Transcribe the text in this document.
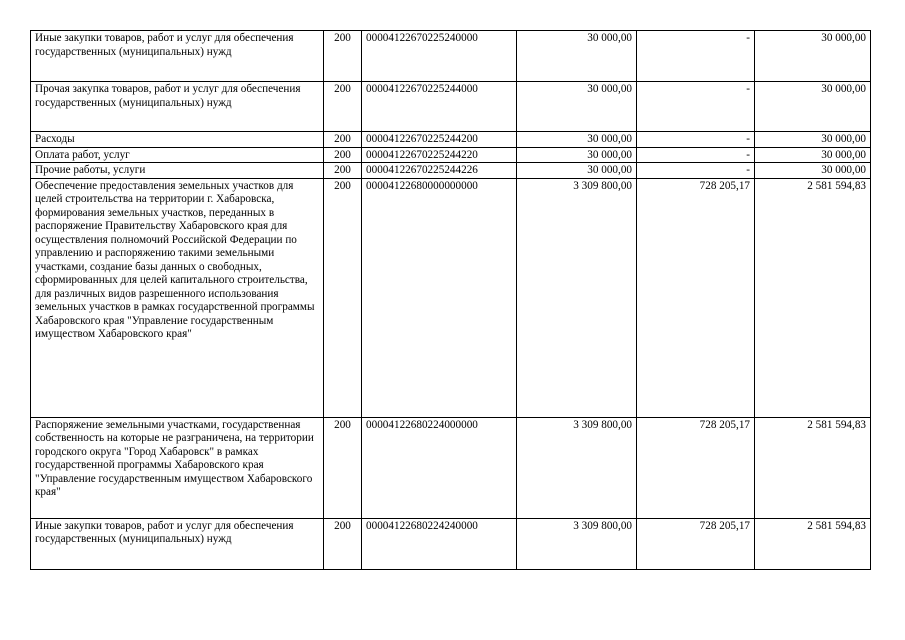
Иные закупки товаров, работ и услуг для обеспечения государственных (муниципальных) нужд	200	00004122670225240000	30 000,00	-	30 000,00
Прочая закупка товаров, работ и услуг для обеспечения государственных (муниципальных) нужд	200	00004122670225244000	30 000,00	-	30 000,00
Расходы	200	00004122670225244200	30 000,00	-	30 000,00
Оплата работ, услуг	200	00004122670225244220	30 000,00	-	30 000,00
Прочие работы, услуги	200	00004122670225244226	30 000,00	-	30 000,00
Обеспечение предоставления земельных участков для целей строительства на территории г. Хабаровска, формирования земельных участков, переданных в распоряжение Правительству Хабаровского края для осуществления полномочий Российской Федерации по управлению и распоряжению такими земельными участками, создание базы данных о свободных, сформированных для целей капитального строительства, для различных видов разрешенного использования земельных участков в рамках государственной программы Хабаровского края "Управление государственным имуществом Хабаровского края"	200	00004122680000000000	3 309 800,00	728 205,17	2 581 594,83
Распоряжение земельными участками, государственная собственность на которые не разграничена, на территории городского округа "Город Хабаровск" в рамках государственной программы Хабаровского края "Управление государственным имуществом Хабаровского края"	200	00004122680224000000	3 309 800,00	728 205,17	2 581 594,83
Иные закупки товаров, работ и услуг для обеспечения государственных (муниципальных) нужд	200	00004122680224240000	3 309 800,00	728 205,17	2 581 594,83
